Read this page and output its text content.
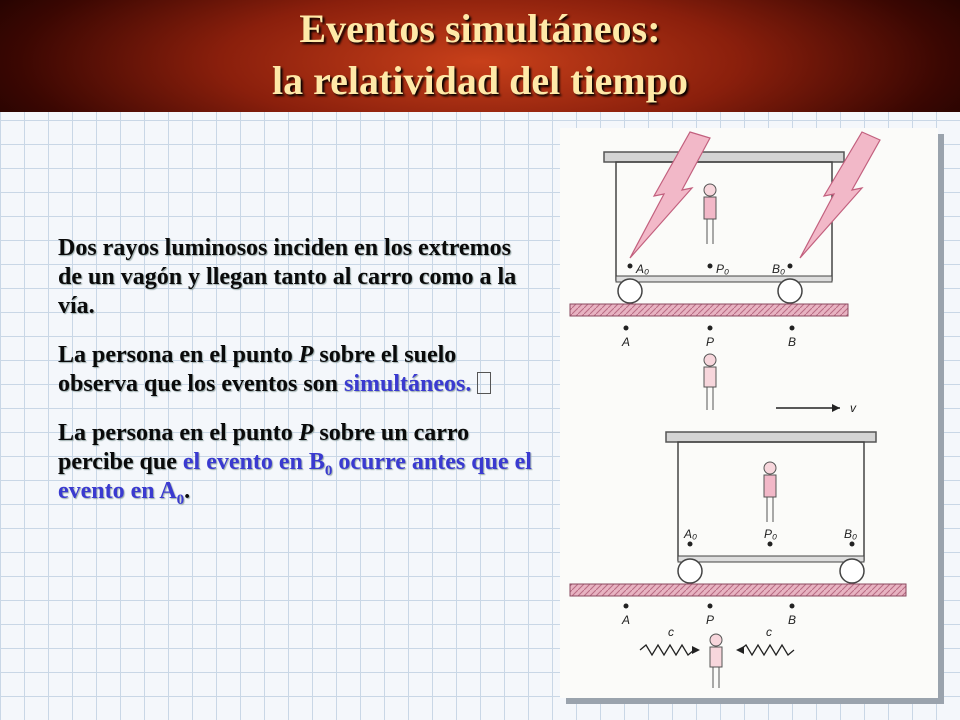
Eventos simultáneos:
la relatividad del tiempo

Dos rayos luminosos inciden en los extremos de un vagón y llegan tanto al carro como a la vía.

La persona en el punto P sobre el suelo observa que los eventos son simultáneos.

La persona en el punto P sobre un carro percibe que el evento en $B_0$ ocurre antes que el evento en $A_0$.

A₀	P₀	B₀
A	P	B
v
A₀	P₀	B₀
A	P	B
c	c
